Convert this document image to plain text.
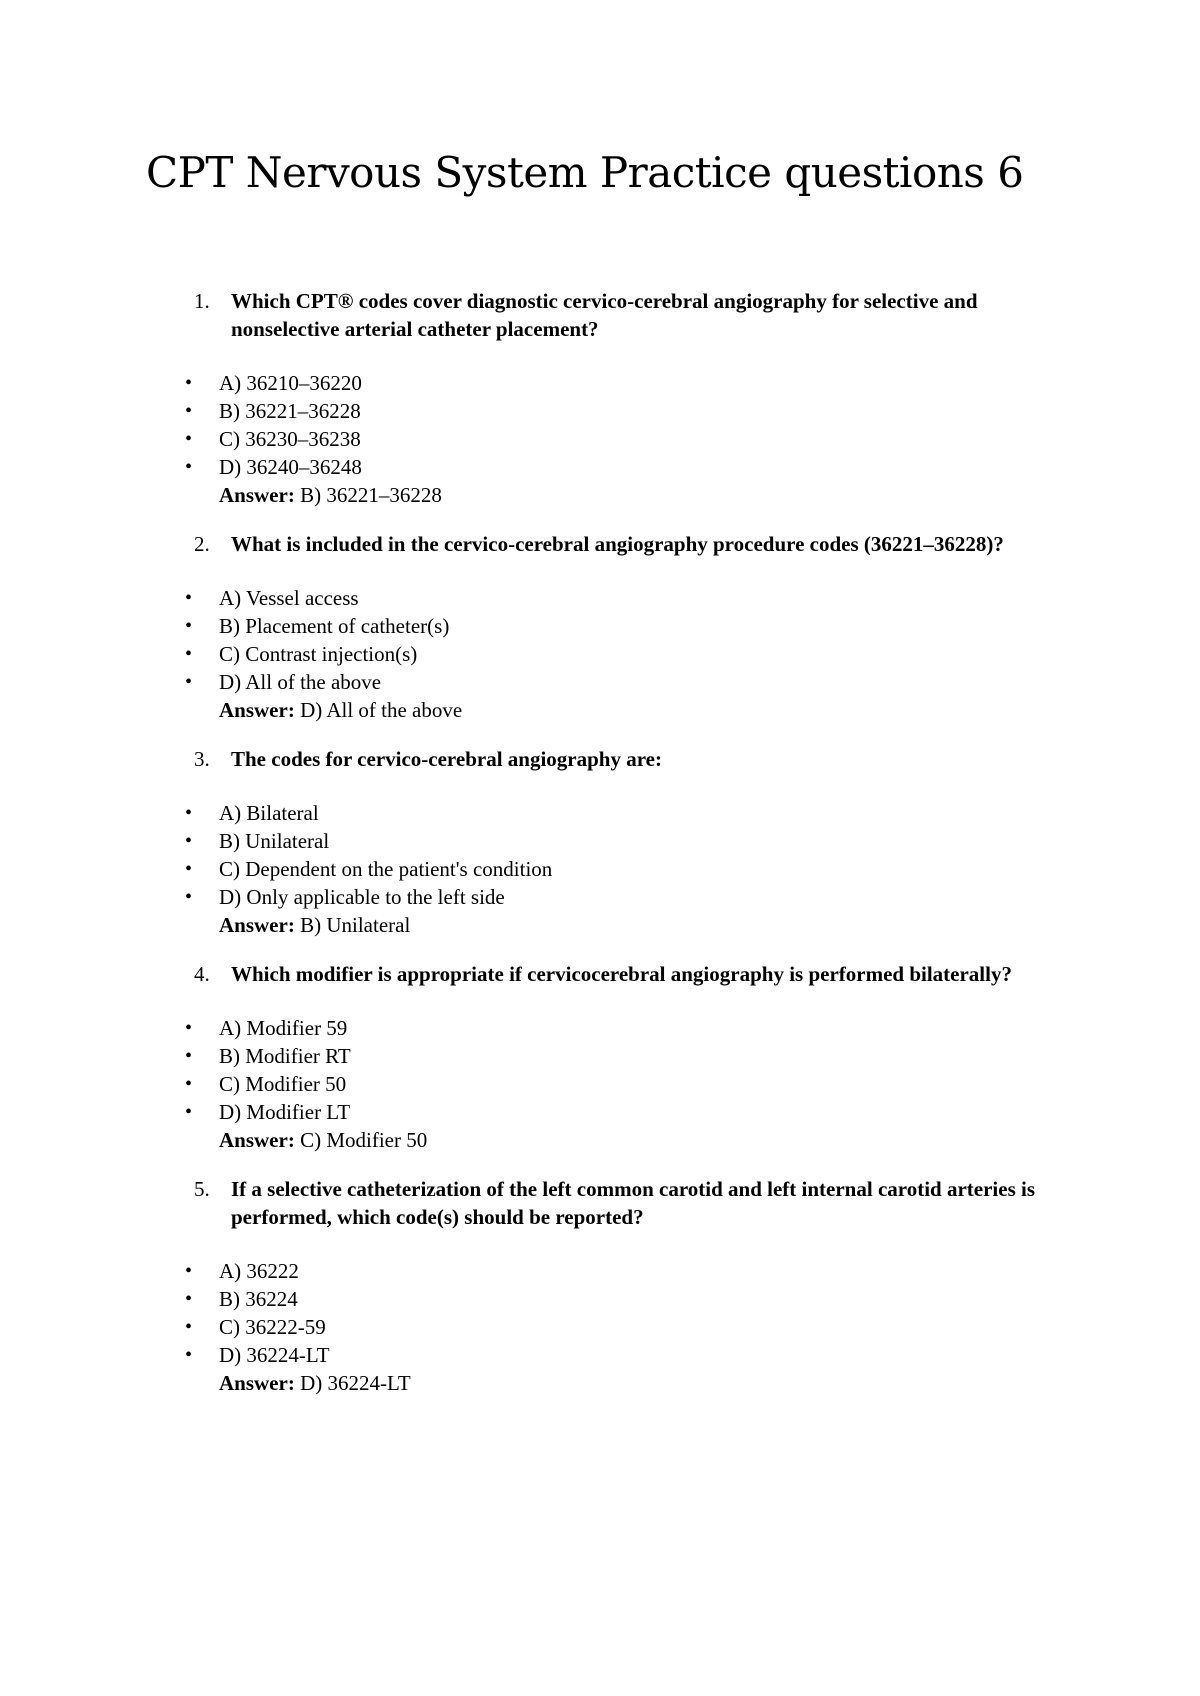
CPT Nervous System Practice questions 6
1. Which CPT® codes cover diagnostic cervico-cerebral angiography for selective and nonselective arterial catheter placement?
• A) 36210–36220
• B) 36221–36228
• C) 36230–36238
• D) 36240–36248
Answer: B) 36221–36228
2. What is included in the cervico-cerebral angiography procedure codes (36221–36228)?
• A) Vessel access
• B) Placement of catheter(s)
• C) Contrast injection(s)
• D) All of the above
Answer: D) All of the above
3. The codes for cervico-cerebral angiography are:
• A) Bilateral
• B) Unilateral
• C) Dependent on the patient's condition
• D) Only applicable to the left side
Answer: B) Unilateral
4. Which modifier is appropriate if cervicocerebral angiography is performed bilaterally?
• A) Modifier 59
• B) Modifier RT
• C) Modifier 50
• D) Modifier LT
Answer: C) Modifier 50
5. If a selective catheterization of the left common carotid and left internal carotid arteries is performed, which code(s) should be reported?
• A) 36222
• B) 36224
• C) 36222-59
• D) 36224-LT
Answer: D) 36224-LT
